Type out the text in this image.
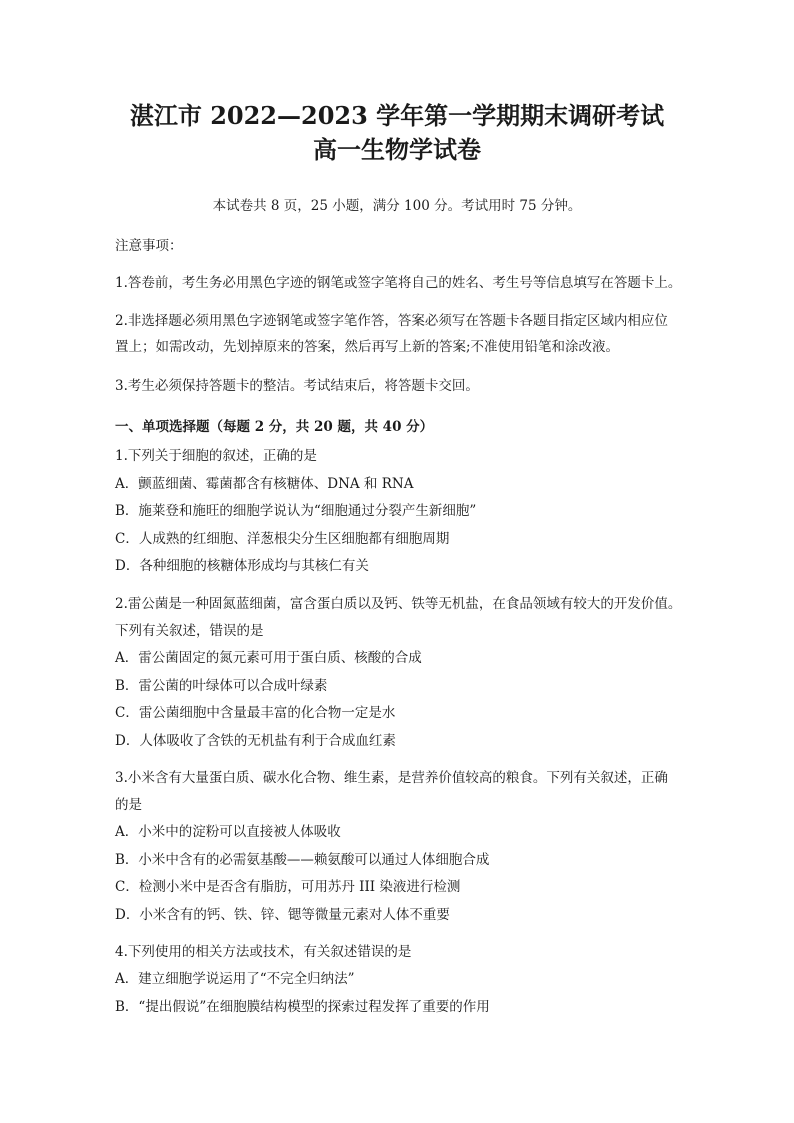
湛江市 2022—2023 学年第一学期期末调研考试
高一生物学试卷
本试卷共 8 页，25 小题，满分 100 分。考试用时 75 分钟。
注意事项：
1.答卷前，考生务必用黑色字迹的钢笔或签字笔将自己的姓名、考生号等信息填写在答题卡上。
2.非选择题必须用黑色字迹钢笔或签字笔作答，答案必须写在答题卡各题目指定区域内相应位
置上；如需改动，先划掉原来的答案，然后再写上新的答案;不准使用铅笔和涂改液。
3.考生必须保持答题卡的整洁。考试结束后，将答题卡交回。
一、单项选择题（每题 2 分，共 20 题，共 40 分）
1.下列关于细胞的叙述，正确的是
A．颤蓝细菌、霉菌都含有核糖体、DNA 和 RNA
B．施莱登和施旺的细胞学说认为“细胞通过分裂产生新细胞”
C．人成熟的红细胞、洋葱根尖分生区细胞都有细胞周期
D．各种细胞的核糖体形成均与其核仁有关
2.雷公菌是一种固氮蓝细菌，富含蛋白质以及钙、铁等无机盐，在食品领域有较大的开发价值。
下列有关叙述，错误的是
A．雷公菌固定的氮元素可用于蛋白质、核酸的合成
B．雷公菌的叶绿体可以合成叶绿素
C．雷公菌细胞中含量最丰富的化合物一定是水
D．人体吸收了含铁的无机盐有利于合成血红素
3.小米含有大量蛋白质、碳水化合物、维生素，是营养价值较高的粮食。下列有关叙述，正确
的是
A．小米中的淀粉可以直接被人体吸收
B．小米中含有的必需氨基酸——赖氨酸可以通过人体细胞合成
C．检测小米中是否含有脂肪，可用苏丹 III 染液进行检测
D．小米含有的钙、铁、锌、锶等微量元素对人体不重要
4.下列使用的相关方法或技术，有关叙述错误的是
A．建立细胞学说运用了“不完全归纳法”
B．“提出假说”在细胞膜结构模型的探索过程发挥了重要的作用
